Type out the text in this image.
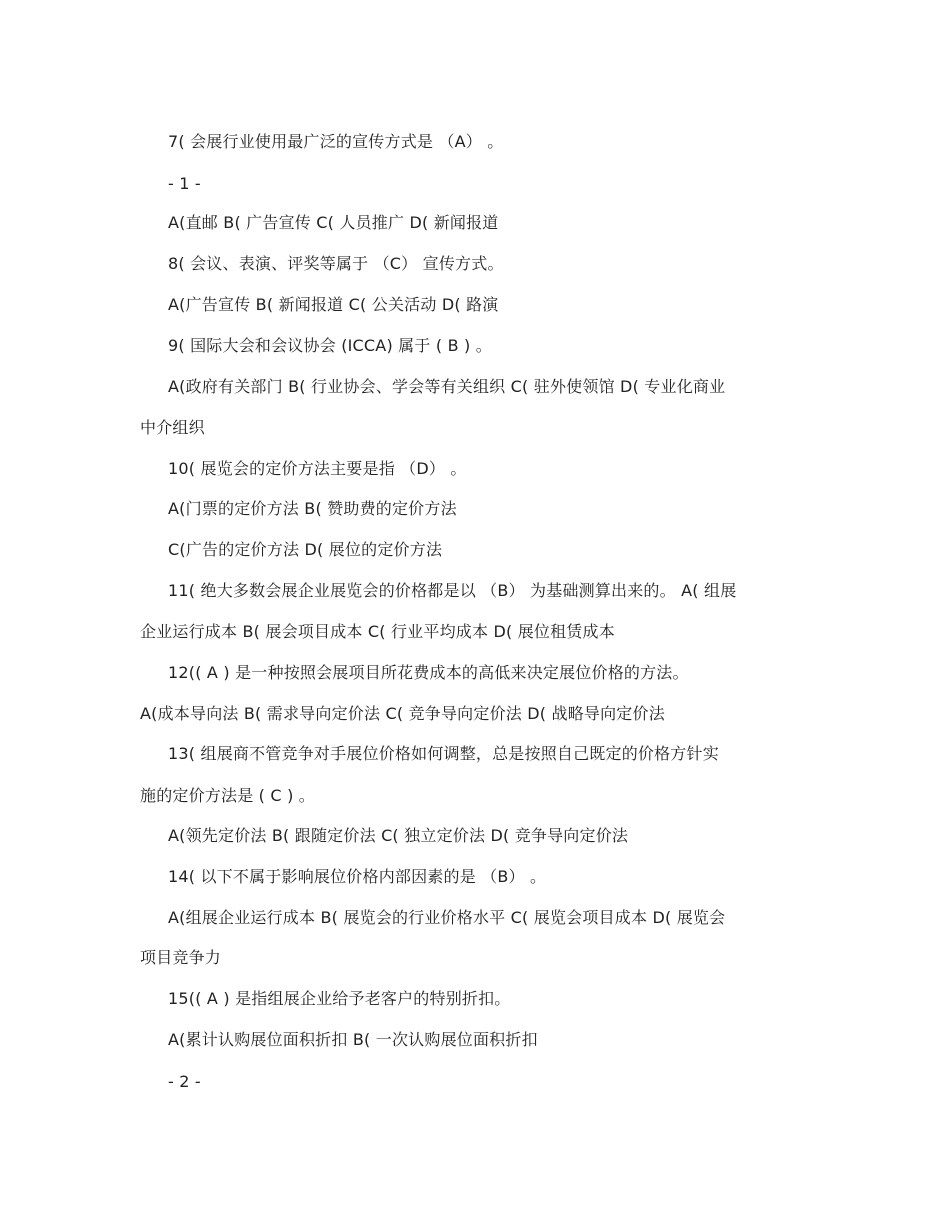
7( 会展行业使用最广泛的宣传方式是 （A） 。
- 1 -
A(直邮 B( 广告宣传 C( 人员推广 D( 新闻报道
8( 会议、表演、评奖等属于 （C） 宣传方式。
A(广告宣传 B( 新闻报道 C( 公关活动 D( 路演
9( 国际大会和会议协会 (ICCA) 属于 ( B ) 。
A(政府有关部门 B( 行业协会、学会等有关组织 C( 驻外使领馆 D( 专业化商业
中介组织
10( 展览会的定价方法主要是指 （D） 。
A(门票的定价方法 B( 赞助费的定价方法
C(广告的定价方法 D( 展位的定价方法
11( 绝大多数会展企业展览会的价格都是以 （B） 为基础测算出来的。 A( 组展
企业运行成本 B( 展会项目成本 C( 行业平均成本 D( 展位租赁成本
12(( A ) 是一种按照会展项目所花费成本的高低来决定展位价格的方法。
A(成本导向法 B( 需求导向定价法 C( 竞争导向定价法 D( 战略导向定价法
13( 组展商不管竞争对手展位价格如何调整，总是按照自己既定的价格方针实
施的定价方法是 ( C ) 。
A(领先定价法 B( 跟随定价法 C( 独立定价法 D( 竞争导向定价法
14( 以下不属于影响展位价格内部因素的是 （B） 。
A(组展企业运行成本 B( 展览会的行业价格水平 C( 展览会项目成本 D( 展览会
项目竞争力
15(( A ) 是指组展企业给予老客户的特别折扣。
A(累计认购展位面积折扣 B( 一次认购展位面积折扣
- 2 -
